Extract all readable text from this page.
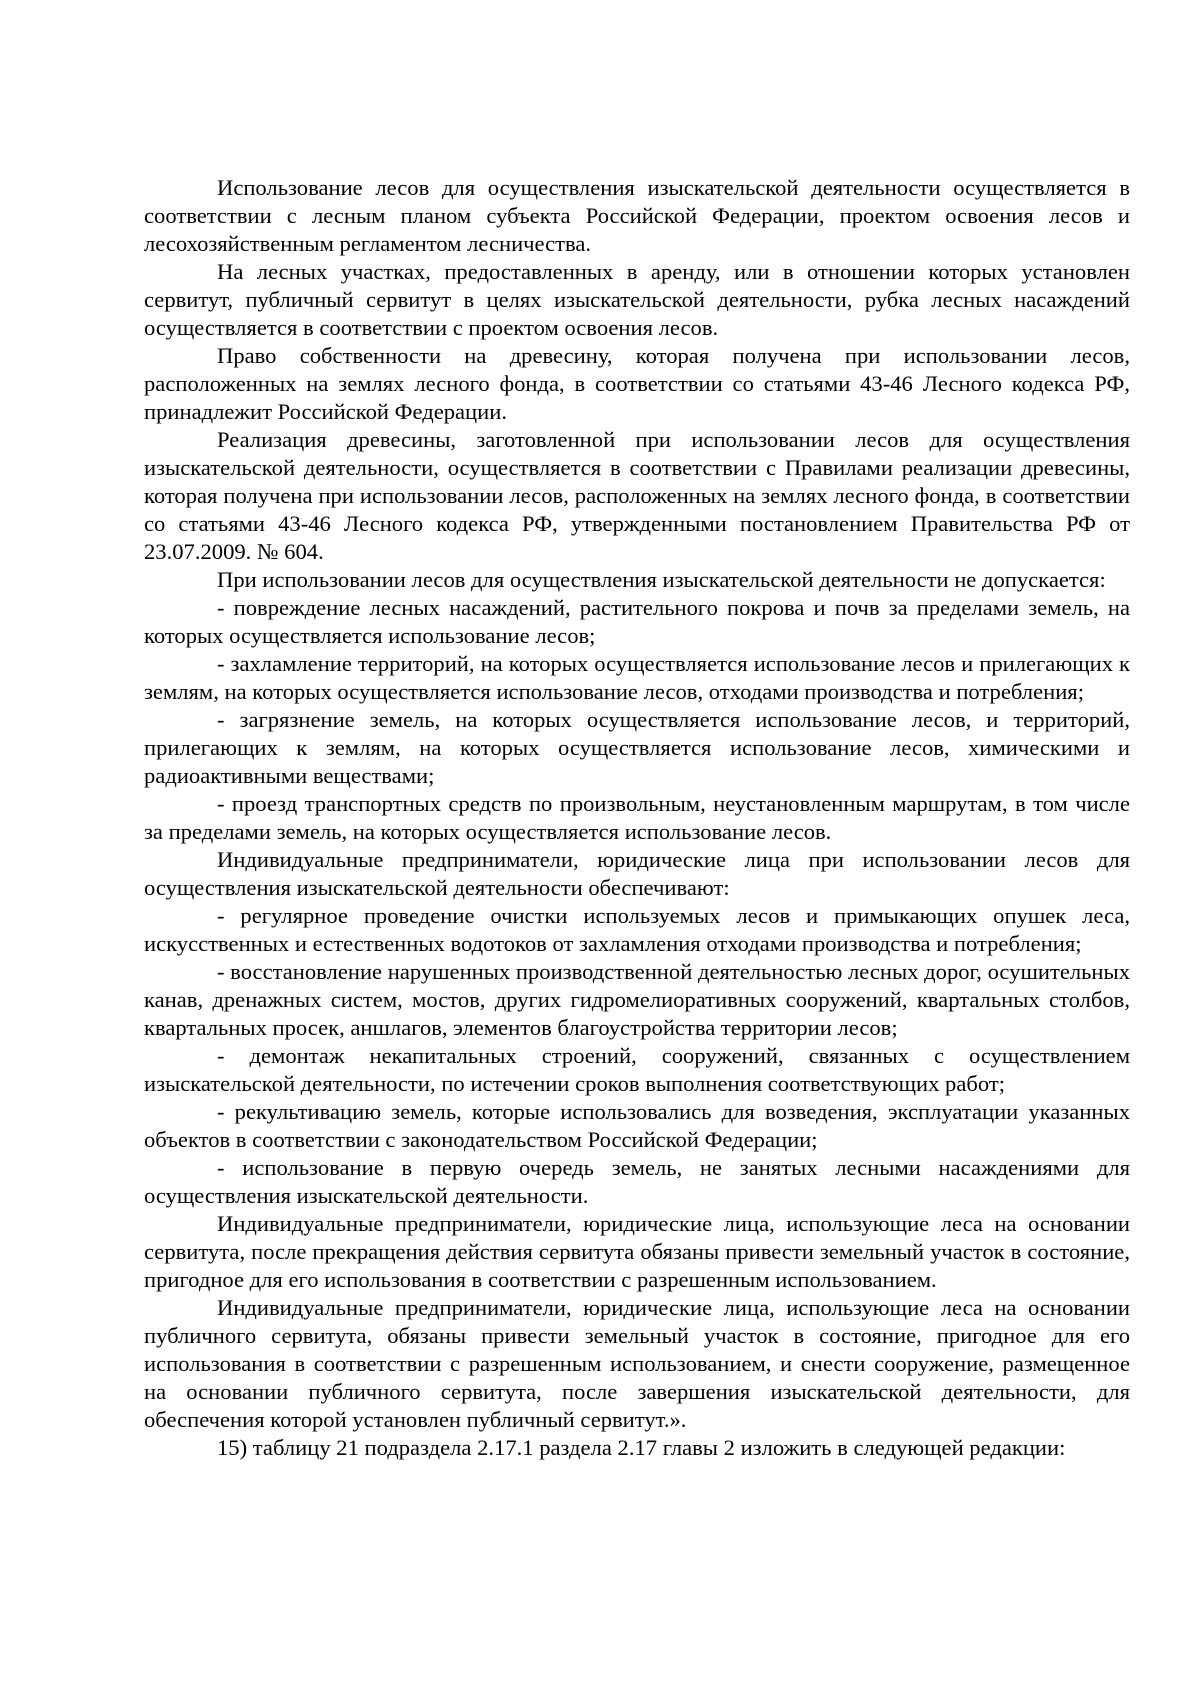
Использование лесов для осуществления изыскательской деятельности осуществляется в соответствии с лесным планом субъекта Российской Федерации, проектом освоения лесов и лесохозяйственным регламентом лесничества.

На лесных участках, предоставленных в аренду, или в отношении которых установлен сервитут, публичный сервитут в целях изыскательской деятельности, рубка лесных насаждений осуществляется в соответствии с проектом освоения лесов.

Право собственности на древесину, которая получена при использовании лесов, расположенных на землях лесного фонда, в соответствии со статьями 43-46 Лесного кодекса РФ, принадлежит Российской Федерации.

Реализация древесины, заготовленной при использовании лесов для осуществления изыскательской деятельности, осуществляется в соответствии с Правилами реализации древесины, которая получена при использовании лесов, расположенных на землях лесного фонда, в соответствии со статьями 43-46 Лесного кодекса РФ, утвержденными постановлением Правительства РФ от 23.07.2009. № 604.

При использовании лесов для осуществления изыскательской деятельности не допускается:

- повреждение лесных насаждений, растительного покрова и почв за пределами земель, на которых осуществляется использование лесов;

- захламление территорий, на которых осуществляется использование лесов и прилегающих к землям, на которых осуществляется использование лесов, отходами производства и потребления;

- загрязнение земель, на которых осуществляется использование лесов, и территорий, прилегающих к землям, на которых осуществляется использование лесов, химическими и радиоактивными веществами;

- проезд транспортных средств по произвольным, неустановленным маршрутам, в том числе за пределами земель, на которых осуществляется использование лесов.

Индивидуальные предприниматели, юридические лица при использовании лесов для осуществления изыскательской деятельности обеспечивают:

- регулярное проведение очистки используемых лесов и примыкающих опушек леса, искусственных и естественных водотоков от захламления отходами производства и потребления;

- восстановление нарушенных производственной деятельностью лесных дорог, осушительных канав, дренажных систем, мостов, других гидромелиоративных сооружений, квартальных столбов, квартальных просек, аншлагов, элементов благоустройства территории лесов;

- демонтаж некапитальных строений, сооружений, связанных с осуществлением изыскательской деятельности, по истечении сроков выполнения соответствующих работ;

- рекультивацию земель, которые использовались для возведения, эксплуатации указанных объектов в соответствии с законодательством Российской Федерации;

- использование в первую очередь земель, не занятых лесными насаждениями для осуществления изыскательской деятельности.

Индивидуальные предприниматели, юридические лица, использующие леса на основании сервитута, после прекращения действия сервитута обязаны привести земельный участок в состояние, пригодное для его использования в соответствии с разрешенным использованием.

Индивидуальные предприниматели, юридические лица, использующие леса на основании публичного сервитута, обязаны привести земельный участок в состояние, пригодное для его использования в соответствии с разрешенным использованием, и снести сооружение, размещенное на основании публичного сервитута, после завершения изыскательской деятельности, для обеспечения которой установлен публичный сервитут.».

15) таблицу 21 подраздела 2.17.1 раздела 2.17 главы 2 изложить в следующей редакции:
